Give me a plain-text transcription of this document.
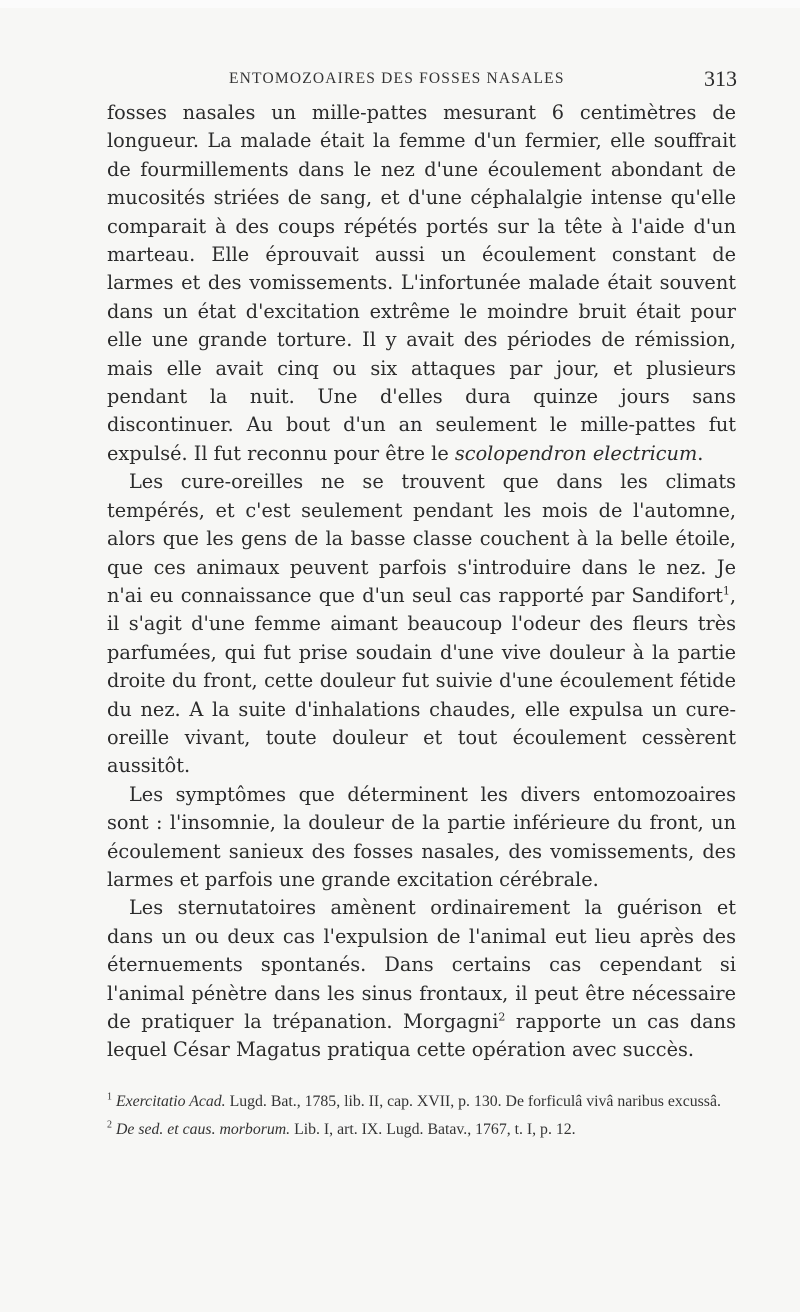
ENTOMOZOAIRES DES FOSSES NASALES	313

fosses nasales un mille-pattes mesurant 6 centimètres de longueur. La malade était la femme d'un fermier, elle souffrait de fourmillements dans le nez d'une écoulement abondant de mucosités striées de sang, et d'une céphalalgie intense qu'elle comparait à des coups répétés portés sur la tête à l'aide d'un marteau. Elle éprouvait aussi un écoulement constant de larmes et des vomissements. L'infortunée malade était souvent dans un état d'excitation extrême le moindre bruit était pour elle une grande torture. Il y avait des périodes de rémission, mais elle avait cinq ou six attaques par jour, et plusieurs pendant la nuit. Une d'elles dura quinze jours sans discontinuer. Au bout d'un an seulement le mille-pattes fut expulsé. Il fut reconnu pour être le scolopendron electricum.

Les cure-oreilles ne se trouvent que dans les climats tempérés, et c'est seulement pendant les mois de l'automne, alors que les gens de la basse classe couchent à la belle étoile, que ces animaux peuvent parfois s'introduire dans le nez. Je n'ai eu connaissance que d'un seul cas rapporté par Sandifort$^1$, il s'agit d'une femme aimant beaucoup l'odeur des fleurs très parfumées, qui fut prise soudain d'une vive douleur à la partie droite du front, cette douleur fut suivie d'une écoulement fétide du nez. A la suite d'inhalations chaudes, elle expulsa un cure-oreille vivant, toute douleur et tout écoulement cessèrent aussitôt.

Les symptômes que déterminent les divers entomozoaires sont : l'insomnie, la douleur de la partie inférieure du front, un écoulement sanieux des fosses nasales, des vomissements, des larmes et parfois une grande excitation cérébrale.

Les sternutatoires amènent ordinairement la guérison et dans un ou deux cas l'expulsion de l'animal eut lieu après des éternuements spontanés. Dans certains cas cependant si l'animal pénètre dans les sinus frontaux, il peut être nécessaire de pratiquer la trépanation. Morgagni$^2$ rapporte un cas dans lequel César Magatus pratiqua cette opération avec succès.

$^1$ Exercitatio Acad. Lugd. Bat., 1785, lib. II, cap. XVII, p. 130. De forficulâ vivâ naribus excussâ.

$^2$ De sed. et caus. morborum. Lib. I, art. IX. Lugd. Batav., 1767, t. I, p. 12.
